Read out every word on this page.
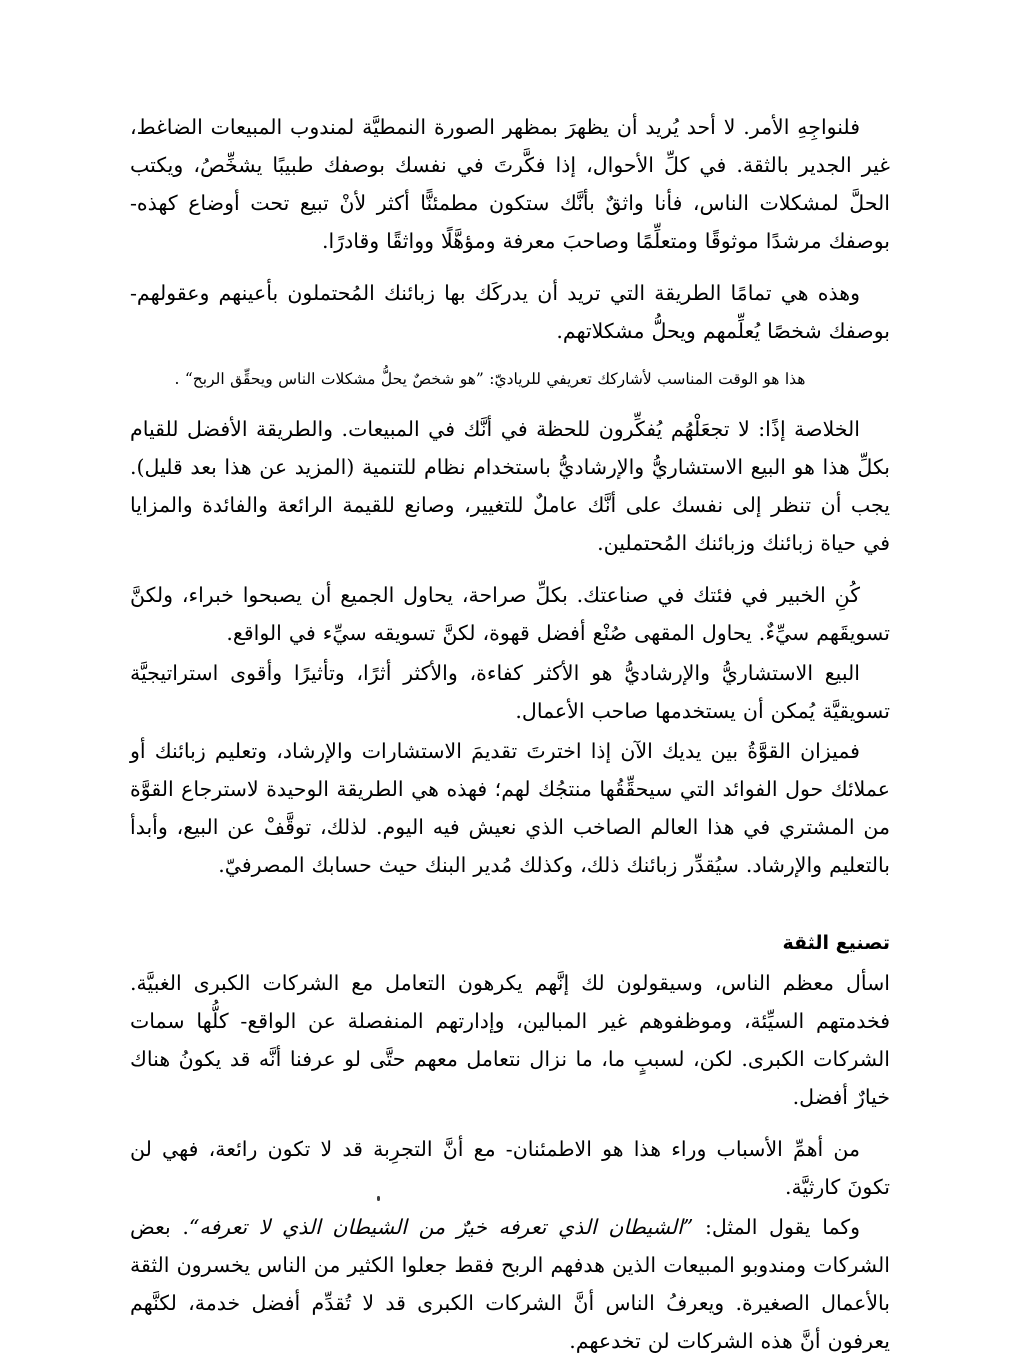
فلنواجِهِ الأمر. لا أحد يُريد أن يظهرَ بمظهر الصورة النمطيَّة لمندوب المبيعات الضاغط، غير الجدير بالثقة. في كلِّ الأحوال، إذا فكَّرتَ في نفسك بوصفك طبيبًا يشخِّصُ، ويكتب الحلَّ لمشكلات الناس، فأنا واثقٌ بأنَّك ستكون مطمئنًّا أكثر لأنْ تبيع تحت أوضاع كهذه- بوصفك مرشدًا موثوقًا ومتعلِّمًا وصاحبَ معرفة ومؤهَّلًا وواثقًا وقادرًا.

وهذه هي تمامًا الطريقة التي تريد أن يدركَك بها زبائنك المُحتملون بأعينهم وعقولهم- بوصفك شخصًا يُعلِّمهم ويحلُّ مشكلاتهم.

هذا هو الوقت المناسب لأشاركك تعريفي للرياديّ: ”هو شخصٌ يحلُّ مشكلات الناس ويحقِّق الربح“ .

الخلاصة إذًا: لا تجعَلْهُم يُفكِّرون للحظة في أنَّك في المبيعات. والطريقة الأفضل للقيام بكلِّ هذا هو البيع الاستشاريُّ والإرشاديُّ باستخدام نظام للتنمية (المزيد عن هذا بعد قليل). يجب أن تنظر إلى نفسك على أنَّك عاملٌ للتغيير، وصانع للقيمة الرائعة والفائدة والمزايا في حياة زبائنك وزبائنك المُحتملين.

كُنِ الخبير في فئتك في صناعتك. بكلِّ صراحة، يحاول الجميع أن يصبحوا خبراء، ولكنَّ تسويقَهم سيِّءٌ. يحاول المقهى صُنْع أفضل قهوة، لكنَّ تسويقه سيِّء في الواقع.

البيع الاستشاريُّ والإرشاديُّ هو الأكثر كفاءة، والأكثر أثرًا، وتأثيرًا وأقوى استراتيجيَّة تسويقيَّة يُمكن أن يستخدمها صاحب الأعمال.

فميزان القوَّةُ بين يديك الآن إذا اخترتَ تقديمَ الاستشارات والإرشاد، وتعليم زبائنك أو عملائك حول الفوائد التي سيحقِّقُها منتجُك لهم؛ فهذه هي الطريقة الوحيدة لاسترجاع القوَّة من المشتري في هذا العالم الصاخب الذي نعيش فيه اليوم. لذلك، توقَّفْ عن البيع، وأبدأ بالتعليم والإرشاد. سيُقدِّر زبائنك ذلك، وكذلك مُدير البنك حيث حسابك المصرفيّ.

تصنيع الثقة

اسأل معظم الناس، وسيقولون لك إنَّهم يكرهون التعامل مع الشركات الكبرى الغبيَّة. فخدمتهم السيِّئة، وموظفوهم غير المبالين، وإدارتهم المنفصلة عن الواقع- كلُّها سمات الشركات الكبرى. لكن، لسببٍ ما، ما نزال نتعامل معهم حتَّى لو عرفنا أنَّه قد يكونُ هناك خيارٌ أفضل.

من أهمِّ الأسباب وراء هذا هو الاطمئنان- مع أنَّ التجرِبة قد لا تكون رائعة، فهي لن تكونَ كارثيَّة.

وكما يقول المثل: ”الشيطان الذي تعرفه خيرٌ من الشيطان الذي لا تعرفه“. بعض الشركات ومندوبو المبيعات الذين هدفهم الربح فقط جعلوا الكثير من الناس يخسرون الثقة بالأعمال الصغيرة. ويعرفُ الناس أنَّ الشركات الكبرى قد لا تُقدِّم أفضل خدمة، لكنَّهم يعرفون أنَّ هذه الشركات لن تخدعهم.
